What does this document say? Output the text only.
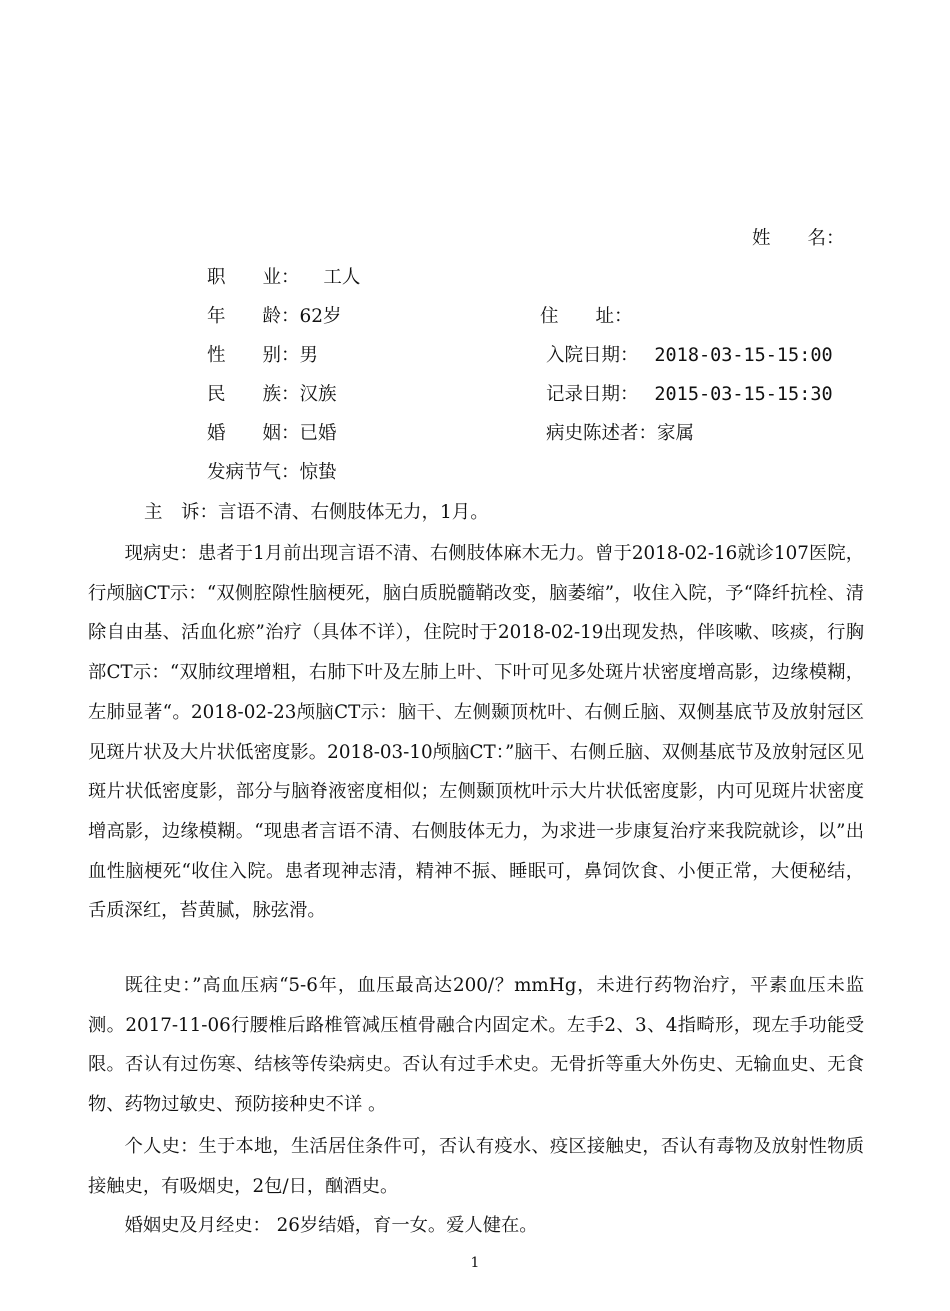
姓　　名：
职　　业： 工人
年　　龄：62岁	住　　址：
性　　别：男	入院日期： 2018-03-15-15:00
民　　族：汉族	记录日期： 2015-03-15-15:30
婚　　姻：已婚	病史陈述者：家属
发病节气：惊蛰
主　诉：言语不清、右侧肢体无力，1月。
现病史：患者于1月前出现言语不清、右侧肢体麻木无力。曾于2018-02-16就诊107医院，行颅脑CT示：“双侧腔隙性脑梗死，脑白质脱髓鞘改变，脑萎缩”，收住入院，予“降纤抗栓、清除自由基、活血化瘀”治疗（具体不详），住院时于2018-02-19出现发热，伴咳嗽、咳痰，行胸部CT示：“双肺纹理增粗，右肺下叶及左肺上叶、下叶可见多处斑片状密度增高影，边缘模糊，左肺显著“。2018-02-23颅脑CT示：脑干、左侧颞顶枕叶、右侧丘脑、双侧基底节及放射冠区见斑片状及大片状低密度影。2018-03-10颅脑CT：”脑干、右侧丘脑、双侧基底节及放射冠区见斑片状低密度影，部分与脑脊液密度相似；左侧颞顶枕叶示大片状低密度影，内可见斑片状密度增高影，边缘模糊。“现患者言语不清、右侧肢体无力，为求进一步康复治疗来我院就诊，以”出血性脑梗死“收住入院。患者现神志清，精神不振、睡眠可，鼻饲饮食、小便正常，大便秘结，舌质深红，苔黄腻，脉弦滑。
既往史：”高血压病“5-6年，血压最高达200/？mmHg，未进行药物治疗，平素血压未监测。2017-11-06行腰椎后路椎管减压植骨融合内固定术。左手2、3、4指畸形，现左手功能受限。否认有过伤寒、结核等传染病史。否认有过手术史。无骨折等重大外伤史、无输血史、无食物、药物过敏史、预防接种史不详 。
个人史：生于本地，生活居住条件可，否认有疫水、疫区接触史，否认有毒物及放射性物质接触史，有吸烟史，2包/日，酗酒史。
婚姻史及月经史： 26岁结婚，育一女。爱人健在。
1
